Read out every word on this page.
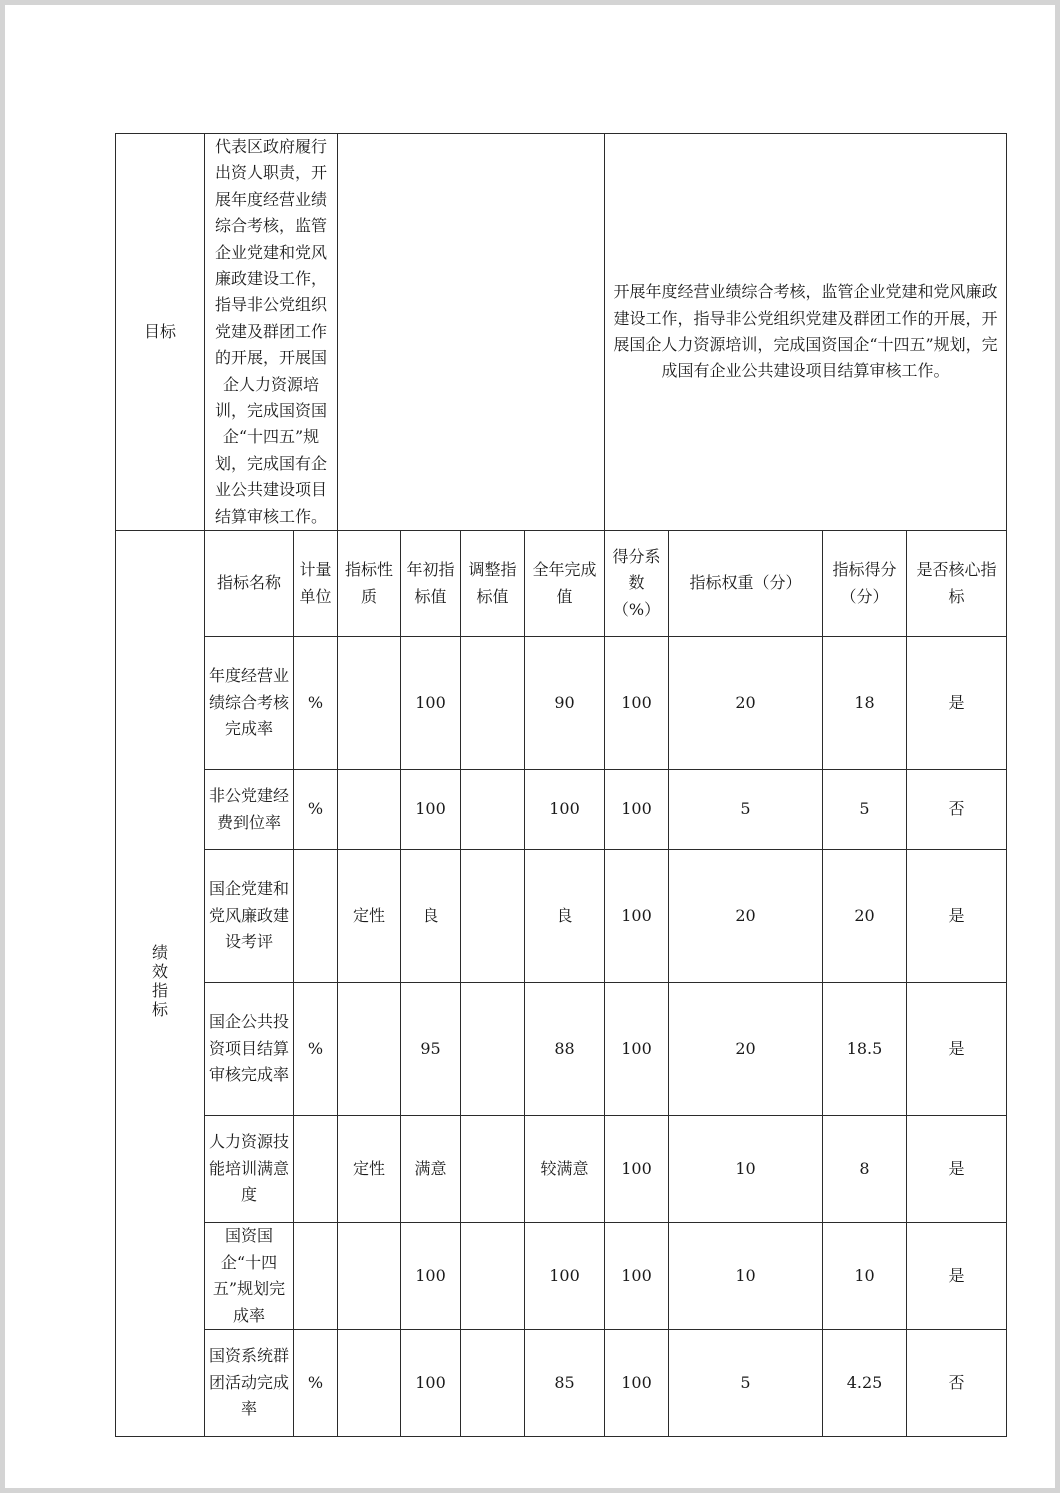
目标	代表区政府履行出资人职责，开展年度经营业绩综合考核，监管企业党建和党风廉政建设工作，指导非公党组织党建及群团工作的开展，开展国企人力资源培训，完成国资国企“十四五”规划，完成国有企业公共建设项目结算审核工作。						开展年度经营业绩综合考核，监管企业党建和党风廉政建设工作，指导非公党组织党建及群团工作的开展，开展国企人力资源培训，完成国资国企“十四五”规划，完成国有企业公共建设项目结算审核工作。			
绩效指标	指标名称	计量单位	指标性质	年初指标值	调整指标值	全年完成值	得分系数（%）	指标权重（分）	指标得分（分）	是否核心指标
	年度经营业绩综合考核完成率	%		100		90	100	20	18	是
	非公党建经费到位率	%		100		100	100	5	5	否
	国企党建和党风廉政建设考评		定性	良		良	100	20	20	是
	国企公共投资项目结算审核完成率	%		95		88	100	20	18.5	是
	人力资源技能培训满意度		定性	满意		较满意	100	10	8	是
	国资国企“十四五”规划完成率			100		100	100	10	10	是
	国资系统群团活动完成率	%		100		85	100	5	4.25	否
